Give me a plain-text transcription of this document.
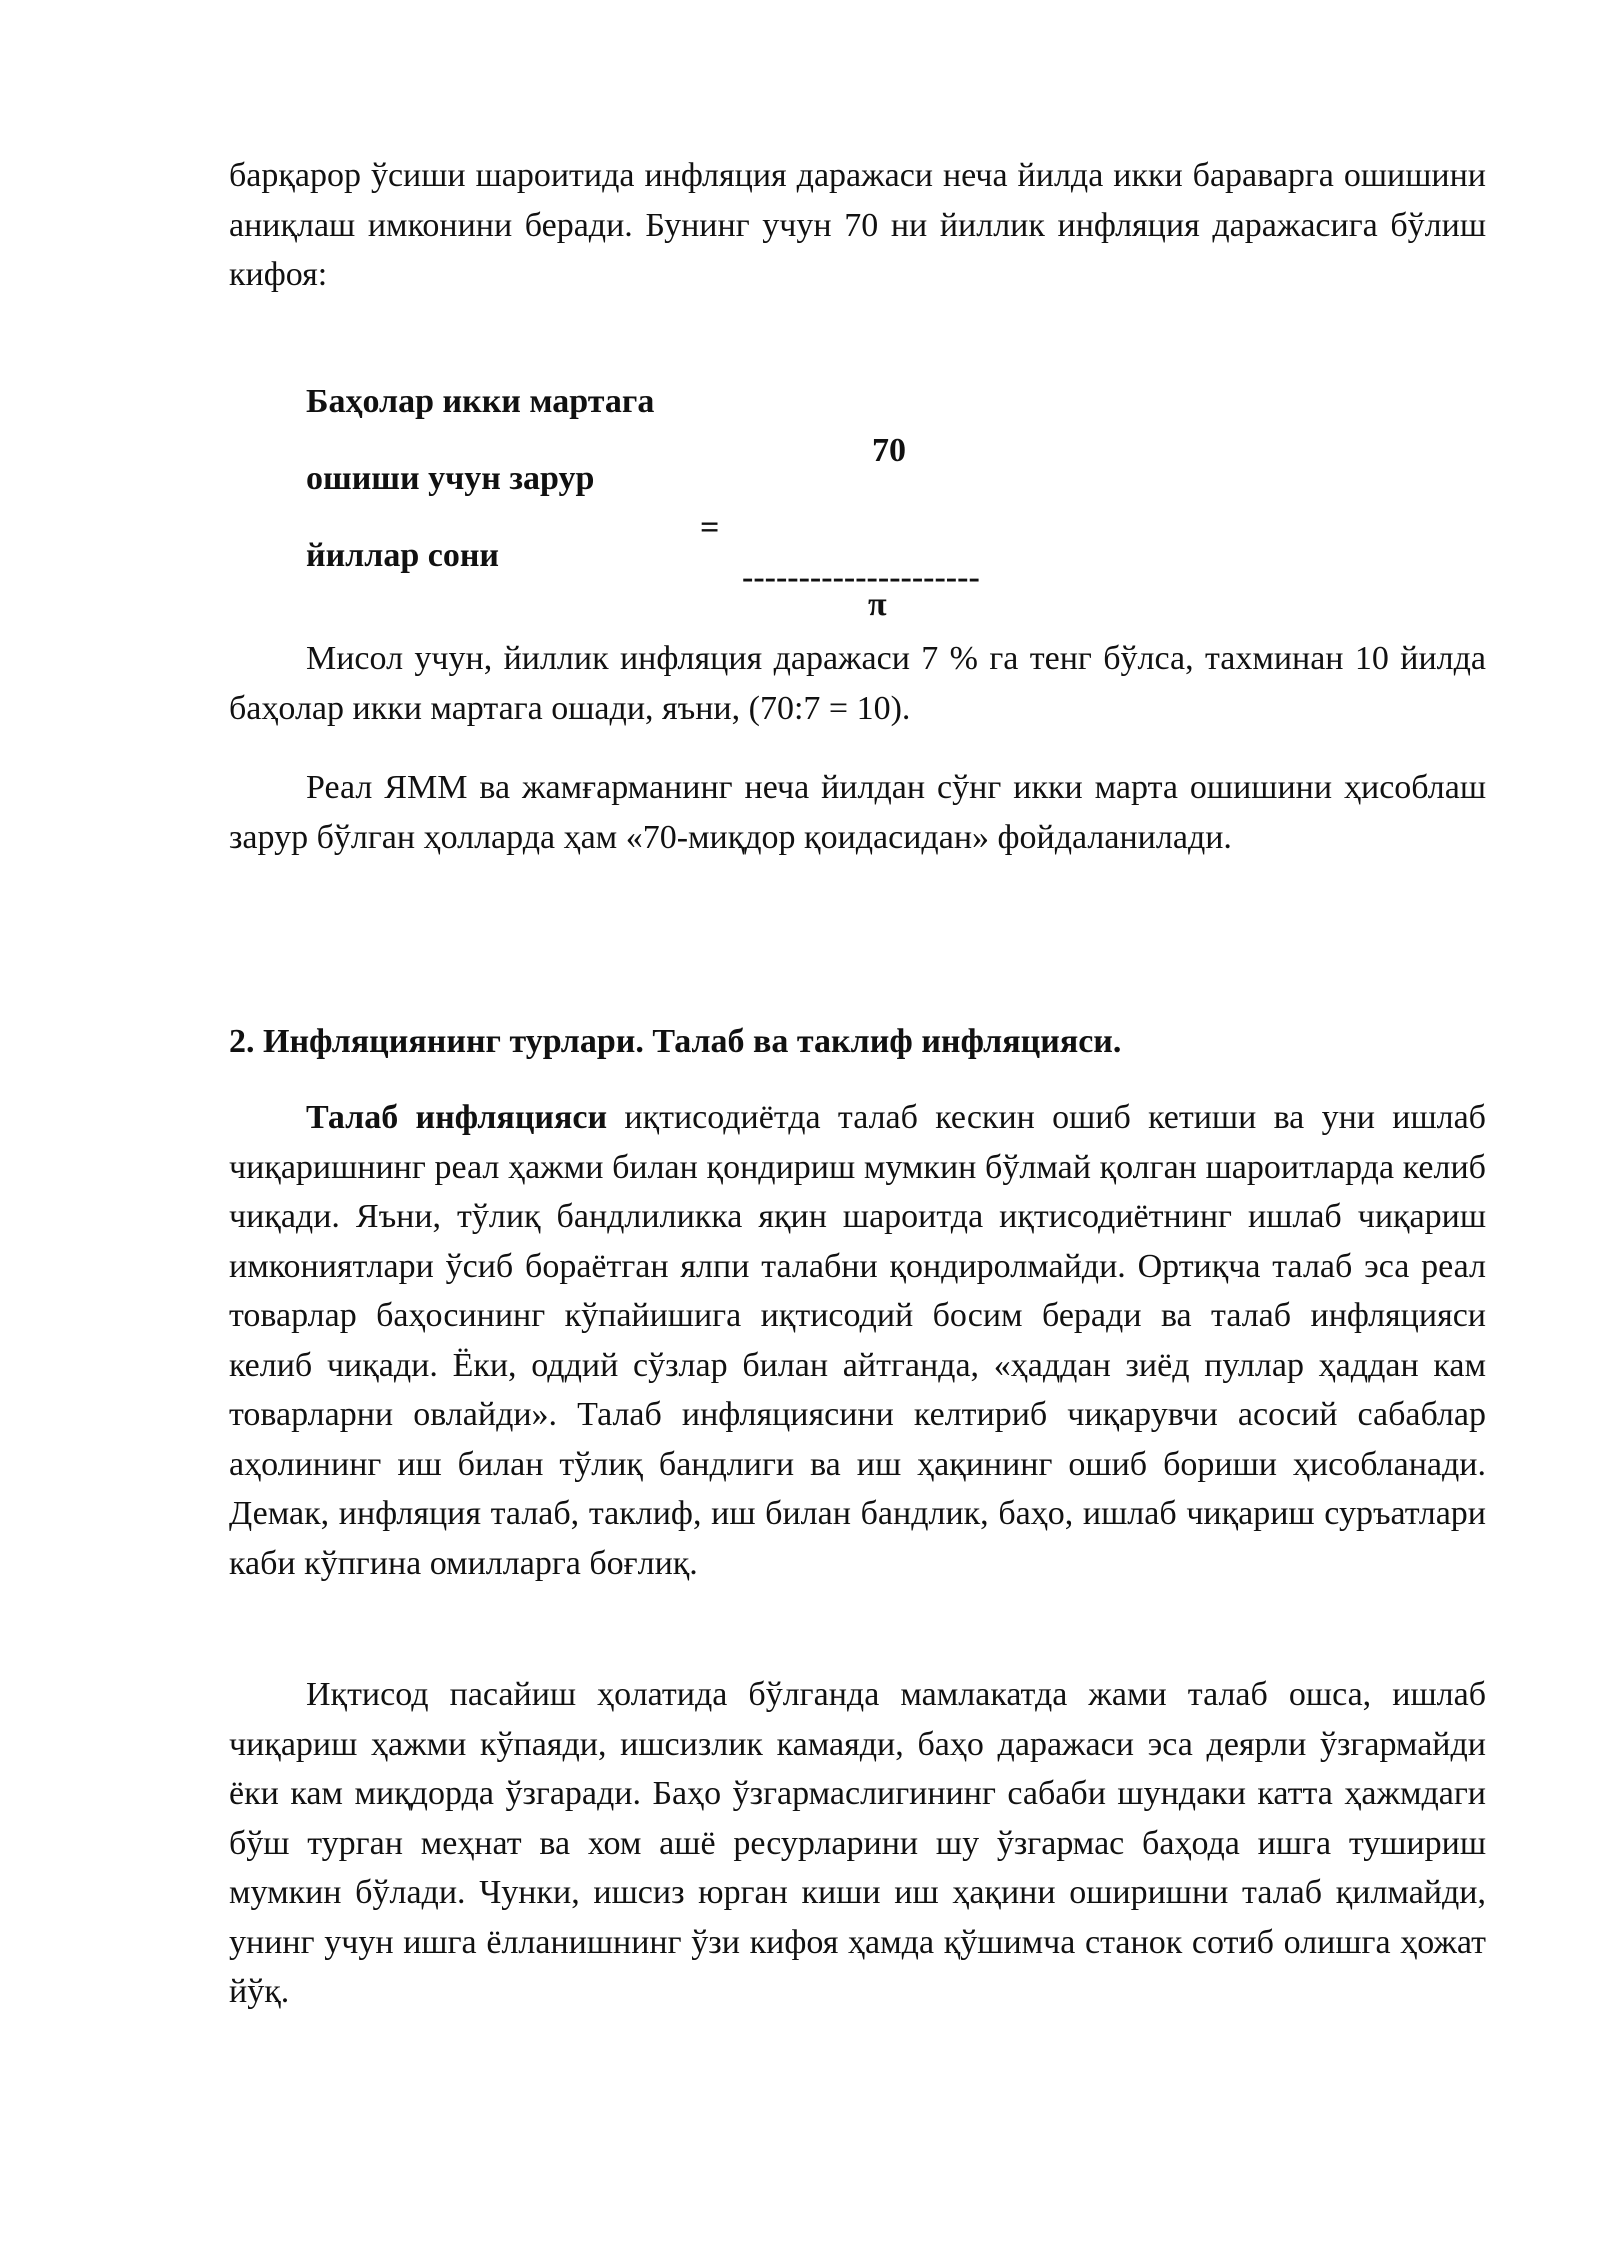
барқарор ўсиши шароитида инфляция даражаси неча йилда икки бараварга ошишини аниқлаш имконини беради. Бунинг учун 70 ни йиллик инфляция даражасига бўлиш кифоя:

Баҳолар икки мартага

70

ошиши учун зарур

=

---------------------

йиллар сони

π

Мисол учун, йиллик инфляция даражаси 7 % га тенг бўлса, тахминан 10 йилда баҳолар икки мартага ошади, яъни, (70:7 = 10).

Реал ЯММ ва жамғарманинг неча йилдан сўнг икки марта ошишини ҳисоблаш зарур бўлган ҳолларда ҳам «70-миқдор қоидасидан» фойдаланилади.

2. Инфляциянинг турлари. Талаб ва таклиф инфляцияси.

Талаб инфляцияси иқтисодиётда талаб кескин ошиб кетиши ва уни ишлаб чиқаришнинг реал ҳажми билан қондириш мумкин бўлмай қолган шароитларда келиб чиқади. Яъни, тўлиқ бандлиликка яқин шароитда иқтисодиётнинг ишлаб чиқариш имкониятлари ўсиб бораётган ялпи талабни қондиролмайди. Ортиқча талаб эса реал товарлар баҳосининг кўпайишига иқтисодий босим беради ва талаб инфляцияси келиб чиқади. Ёки, оддий сўзлар билан айтганда, «ҳаддан зиёд пуллар ҳаддан кам товарларни овлайди». Талаб инфляциясини келтириб чиқарувчи асосий сабаблар аҳолининг иш билан тўлиқ бандлиги ва иш ҳақининг ошиб бориши ҳисобланади. Демак, инфляция талаб, таклиф, иш билан бандлик, баҳо, ишлаб чиқариш суръатлари каби кўпгина омилларга боғлиқ.

Иқтисод пасайиш ҳолатида бўлганда мамлакатда жами талаб ошса, ишлаб чиқариш ҳажми кўпаяди, ишсизлик камаяди, баҳо даражаси эса деярли ўзгармайди ёки кам миқдорда ўзгаради. Баҳо ўзгармаслигининг сабаби шундаки катта ҳажмдаги бўш турган меҳнат ва хом ашё ресурларини шу ўзгармас баҳода ишга тушириш мумкин бўлади. Чунки, ишсиз юрган киши иш ҳақини оширишни талаб қилмайди, унинг учун ишга ёлланишнинг ўзи кифоя ҳамда қўшимча станок сотиб олишга ҳожат йўқ.
